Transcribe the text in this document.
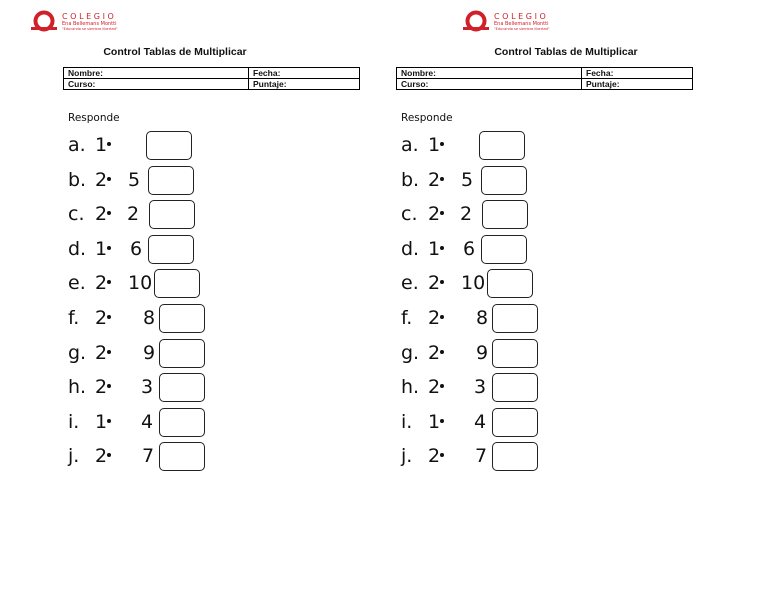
COLEGIO
Ena Bellemans Montti
"Educando se siembra libertad"
Control Tablas de Multiplicar
Nombre:	Fecha:
Curso:	Puntaje:
Responde
a. 1
b. 2 5
c. 2 2
d. 1 6
e. 2 10
f. 2 8
g. 2 9
h. 2 3
i. 1 4
j. 2 7
COLEGIO
Ena Bellemans Montti
"Educando se siembra libertad"
Control Tablas de Multiplicar
Nombre:	Fecha:
Curso:	Puntaje:
Responde
a. 1
b. 2 5
c. 2 2
d. 1 6
e. 2 10
f. 2 8
g. 2 9
h. 2 3
i. 1 4
j. 2 7
